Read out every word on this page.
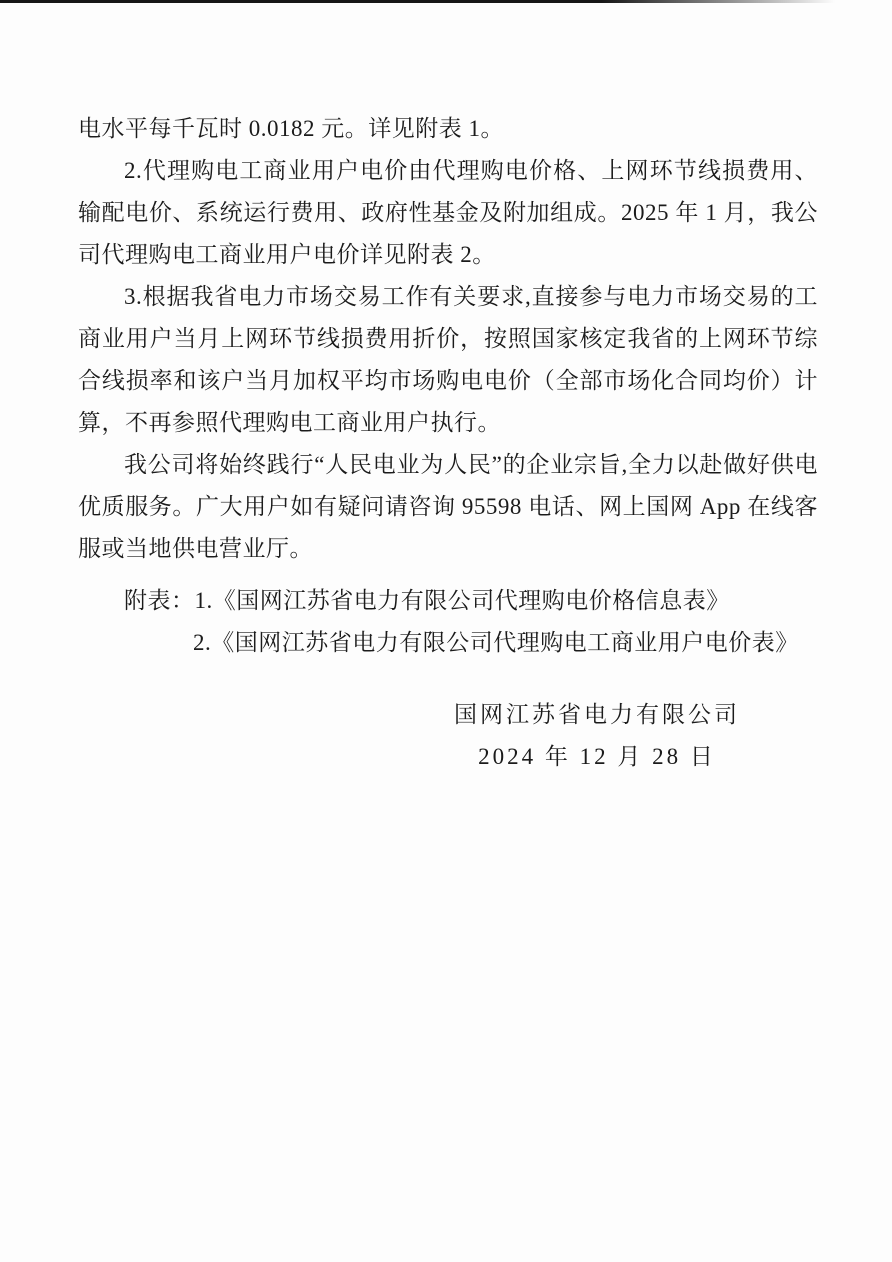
电水平每千瓦时 0.0182 元。详见附表 1。

2.代理购电工商业用户电价由代理购电价格、上网环节线损费用、输配电价、系统运行费用、政府性基金及附加组成。2025 年 1 月，我公司代理购电工商业用户电价详见附表 2。

3.根据我省电力市场交易工作有关要求,直接参与电力市场交易的工商业用户当月上网环节线损费用折价，按照国家核定我省的上网环节综合线损率和该户当月加权平均市场购电电价（全部市场化合同均价）计算，不再参照代理购电工商业用户执行。

我公司将始终践行“人民电业为人民”的企业宗旨,全力以赴做好供电优质服务。广大用户如有疑问请咨询 95598 电话、网上国网 App 在线客服或当地供电营业厅。

附表：1.《国网江苏省电力有限公司代理购电价格信息表》

2.《国网江苏省电力有限公司代理购电工商业用户电价表》

国网江苏省电力有限公司

2024 年 12 月 28 日
